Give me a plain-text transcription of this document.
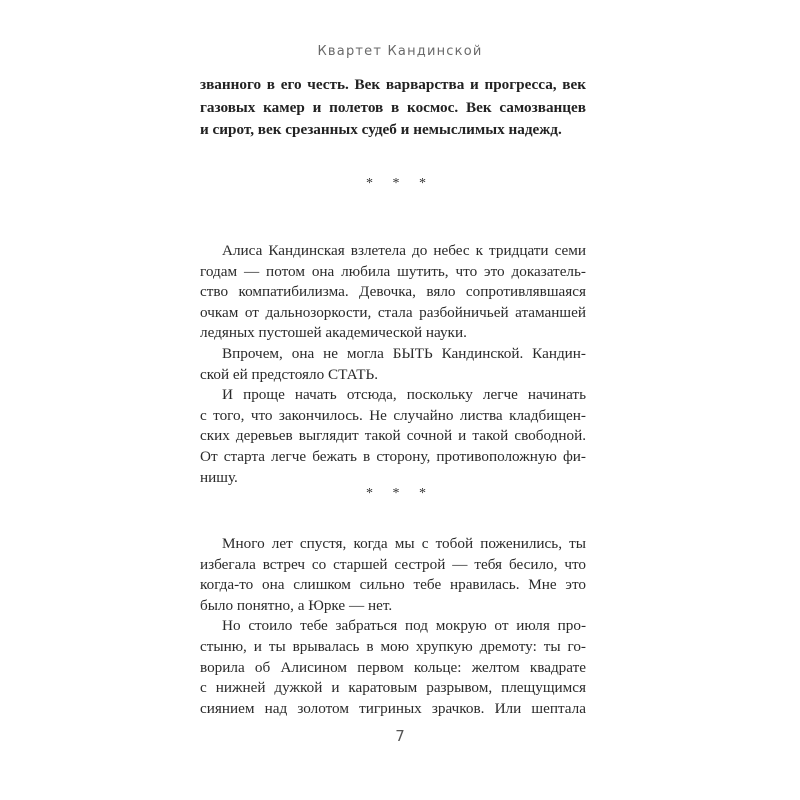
Квартет Кандинской
званного в его честь. Век варварства и прогресса, век
газовых камер и полетов в космос. Век самозванцев
и сирот, век срезанных судеб и немыслимых надежд.
* * *
Алиса Кандинская взлетела до небес к тридцати семи
годам — потом она любила шутить, что это доказатель-
ство компатибилизма. Девочка, вяло сопротивлявшаяся
очкам от дальнозоркости, стала разбойничьей атаманшей
ледяных пустошей академической науки.
Впрочем, она не могла БЫТЬ Кандинской. Кандин-
ской ей предстояло СТАТЬ.
И проще начать отсюда, поскольку легче начинать
с того, что закончилось. Не случайно листва кладбищен-
ских деревьев выглядит такой сочной и такой свободной.
От старта легче бежать в сторону, противоположную фи-
нишу.
* * *
Много лет спустя, когда мы с тобой поженились, ты
избегала встреч со старшей сестрой — тебя бесило, что
когда-то она слишком сильно тебе нравилась. Мне это
было понятно, а Юрке — нет.
Но стоило тебе забраться под мокрую от июля про-
стыню, и ты врывалась в мою хрупкую дремоту: ты го-
ворила об Алисином первом кольце: желтом квадрате
с нижней дужкой и каратовым разрывом, плещущимся
сиянием над золотом тигриных зрачков. Или шептала
7
